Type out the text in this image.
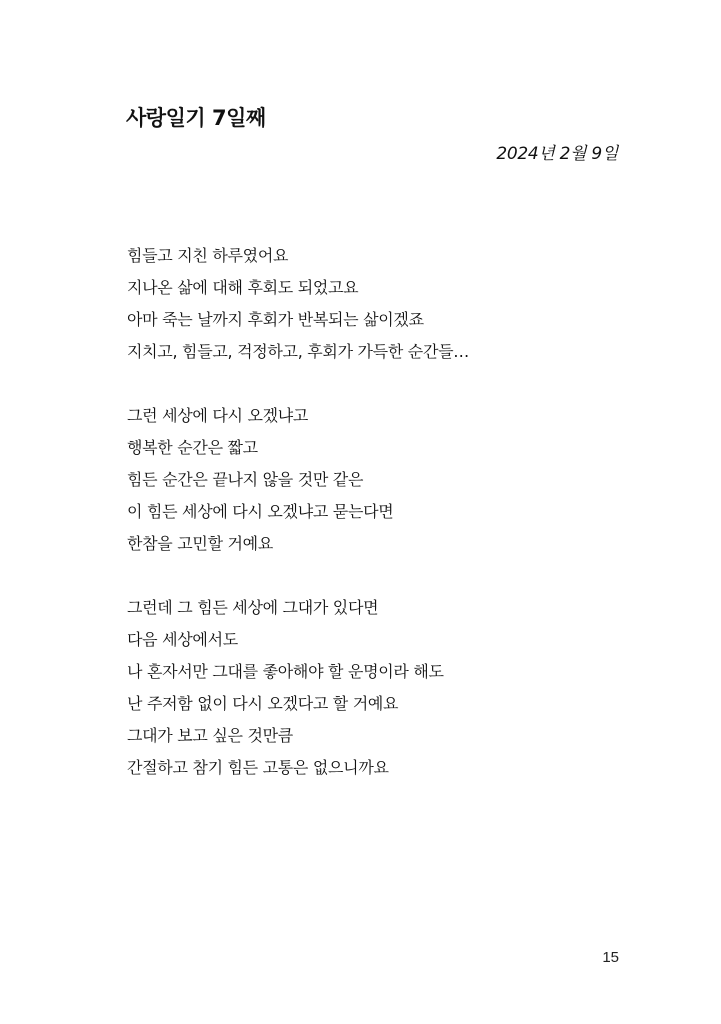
사랑일기 7일째
2024년 2월 9일
힘들고 지친 하루였어요
지나온 삶에 대해 후회도 되었고요
아마 죽는 날까지 후회가 반복되는 삶이겠죠
지치고, 힘들고, 걱정하고, 후회가 가득한 순간들…
그런 세상에 다시 오겠냐고
행복한 순간은 짧고
힘든 순간은 끝나지 않을 것만 같은
이 힘든 세상에 다시 오겠냐고 묻는다면
한참을 고민할 거예요
그런데 그 힘든 세상에 그대가 있다면
다음 세상에서도
나 혼자서만 그대를 좋아해야 할 운명이라 해도
난 주저함 없이 다시 오겠다고 할 거예요
그대가 보고 싶은 것만큼
간절하고 참기 힘든 고통은 없으니까요
15
